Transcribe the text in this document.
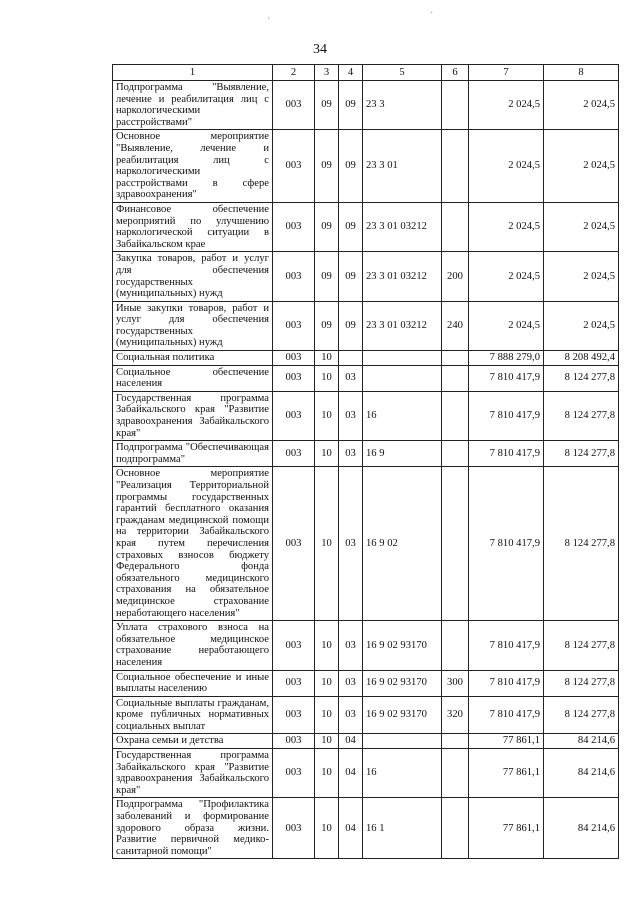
'
·
34
1	2	3	4	5	6	7	8
Подпрограмма "Выявление, лечение и реабилитация лиц с наркологическими расстройствами"	003	09	09	23 3		2 024,5	2 024,5
Основное мероприятие "Выявление, лечение и реабилитация лиц с наркологическими расстройствами в сфере здравоохранения"	003	09	09	23 3 01		2 024,5	2 024,5
Финансовое обеспечение мероприятий по улучшению наркологической ситуации в Забайкальском крае	003	09	09	23 3 01 03212		2 024,5	2 024,5
Закупка товаров, работ и услуг для обеспечения государственных (муниципальных) нужд	003	09	09	23 3 01 03212	200	2 024,5	2 024,5
Иные закупки товаров, работ и услуг для обеспечения государственных (муниципальных) нужд	003	09	09	23 3 01 03212	240	2 024,5	2 024,5
Социальная политика	003	10				7 888 279,0	8 208 492,4
Социальное обеспечение населения	003	10	03			7 810 417,9	8 124 277,8
Государственная программа Забайкальского края "Развитие здравоохранения Забайкальского края"	003	10	03	16		7 810 417,9	8 124 277,8
Подпрограмма "Обеспечивающая подпрограмма"	003	10	03	16 9		7 810 417,9	8 124 277,8
Основное мероприятие "Реализация Территориальной программы государственных гарантий бесплатного оказания гражданам медицинской помощи на территории Забайкальского края путем перечисления страховых взносов бюджету Федерального фонда обязательного медицинского страхования на обязательное медицинское страхование неработающего населения"	003	10	03	16 9 02		7 810 417,9	8 124 277,8
Уплата страхового взноса на обязательное медицинское страхование неработающего населения	003	10	03	16 9 02 93170		7 810 417,9	8 124 277,8
Социальное обеспечение и иные выплаты населению	003	10	03	16 9 02 93170	300	7 810 417,9	8 124 277,8
Социальные выплаты гражданам, кроме публичных нормативных социальных выплат	003	10	03	16 9 02 93170	320	7 810 417,9	8 124 277,8
Охрана семьи и детства	003	10	04			77 861,1	84 214,6
Государственная программа Забайкальского края "Развитие здравоохранения Забайкальского края"	003	10	04	16		77 861,1	84 214,6
Подпрограмма "Профилактика заболеваний и формирование здорового образа жизни. Развитие первичной медико-санитарной помощи"	003	10	04	16 1		77 861,1	84 214,6
